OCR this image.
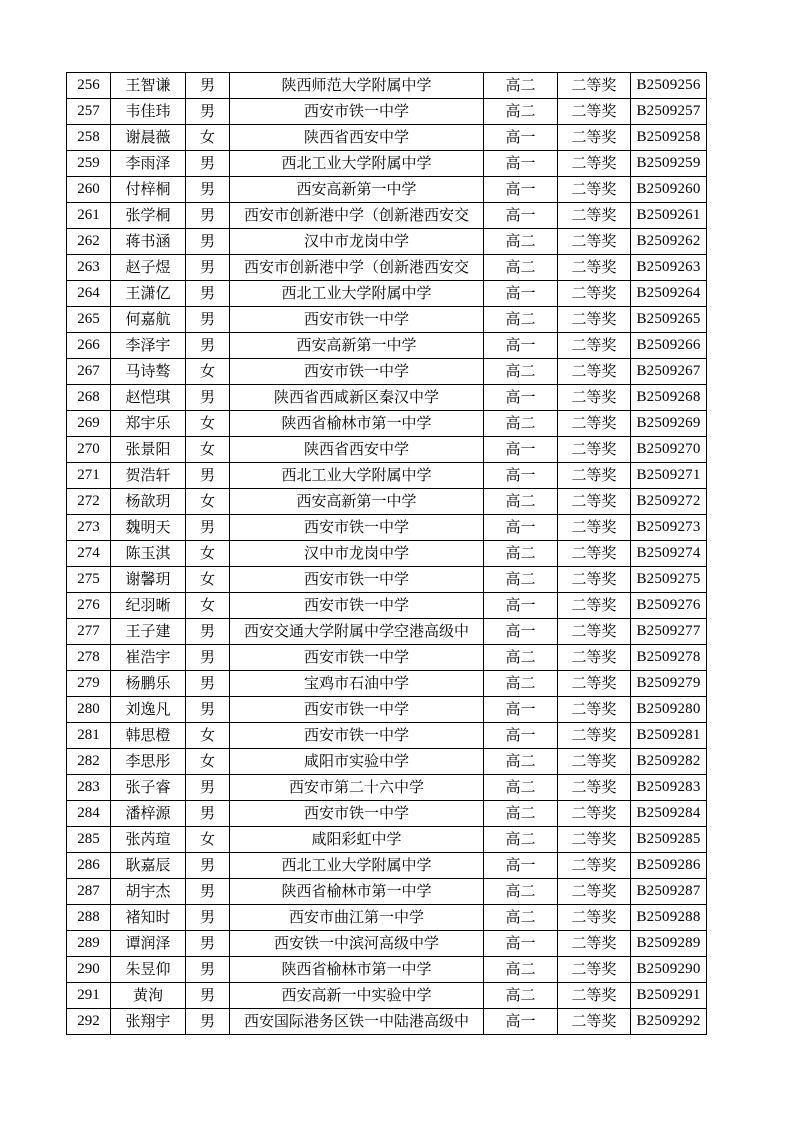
256	王智谦	男	陕西师范大学附属中学	高二	二等奖	B2509256
257	韦佳玮	男	西安市铁一中学	高二	二等奖	B2509257
258	谢晨薇	女	陕西省西安中学	高一	二等奖	B2509258
259	李雨泽	男	西北工业大学附属中学	高一	二等奖	B2509259
260	付梓桐	男	西安高新第一中学	高一	二等奖	B2509260
261	张学桐	男	西安市创新港中学（创新港西安交	高一	二等奖	B2509261
262	蒋书涵	男	汉中市龙岗中学	高二	二等奖	B2509262
263	赵子煜	男	西安市创新港中学（创新港西安交	高二	二等奖	B2509263
264	王潇亿	男	西北工业大学附属中学	高一	二等奖	B2509264
265	何嘉航	男	西安市铁一中学	高二	二等奖	B2509265
266	李泽宇	男	西安高新第一中学	高一	二等奖	B2509266
267	马诗骜	女	西安市铁一中学	高二	二等奖	B2509267
268	赵恺琪	男	陕西省西咸新区秦汉中学	高一	二等奖	B2509268
269	郑宇乐	女	陕西省榆林市第一中学	高二	二等奖	B2509269
270	张景阳	女	陕西省西安中学	高一	二等奖	B2509270
271	贺浩轩	男	西北工业大学附属中学	高一	二等奖	B2509271
272	杨歆玥	女	西安高新第一中学	高二	二等奖	B2509272
273	魏明天	男	西安市铁一中学	高一	二等奖	B2509273
274	陈玉淇	女	汉中市龙岗中学	高二	二等奖	B2509274
275	谢馨玥	女	西安市铁一中学	高二	二等奖	B2509275
276	纪羽晰	女	西安市铁一中学	高一	二等奖	B2509276
277	王子建	男	西安交通大学附属中学空港高级中	高一	二等奖	B2509277
278	崔浩宇	男	西安市铁一中学	高二	二等奖	B2509278
279	杨鹏乐	男	宝鸡市石油中学	高二	二等奖	B2509279
280	刘逸凡	男	西安市铁一中学	高一	二等奖	B2509280
281	韩思橙	女	西安市铁一中学	高一	二等奖	B2509281
282	李思彤	女	咸阳市实验中学	高二	二等奖	B2509282
283	张子睿	男	西安市第二十六中学	高二	二等奖	B2509283
284	潘梓源	男	西安市铁一中学	高二	二等奖	B2509284
285	张芮瑄	女	咸阳彩虹中学	高二	二等奖	B2509285
286	耿嘉辰	男	西北工业大学附属中学	高一	二等奖	B2509286
287	胡宇杰	男	陕西省榆林市第一中学	高二	二等奖	B2509287
288	褚知时	男	西安市曲江第一中学	高二	二等奖	B2509288
289	谭润泽	男	西安铁一中滨河高级中学	高一	二等奖	B2509289
290	朱昱仰	男	陕西省榆林市第一中学	高二	二等奖	B2509290
291	黄洵	男	西安高新一中实验中学	高二	二等奖	B2509291
292	张翔宇	男	西安国际港务区铁一中陆港高级中	高一	二等奖	B2509292
